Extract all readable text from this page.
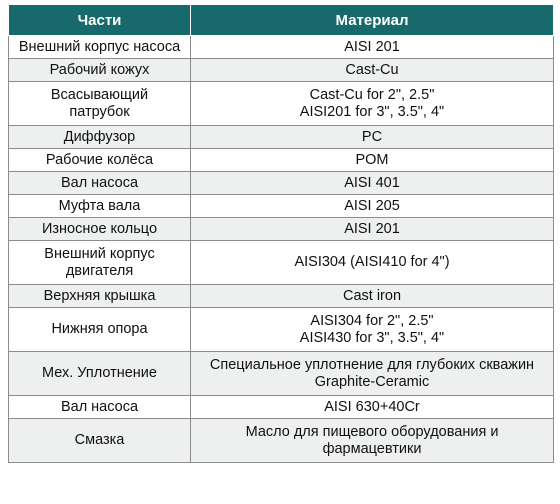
Части	Материал

Внешний корпус насоса	AISI 201

Рабочий кожух	Cast-Cu

Всасывающий
патрубок	Cast-Cu for 2", 2.5"
AISI201 for 3", 3.5", 4"

Диффузор	PC

Рабочие колёса	POM

Вал насоса	AISI 401

Муфта вала	AISI 205

Износное кольцо	AISI 201

Внешний корпус
двигателя	AISI304 (AISI410 for 4")

Верхняя крышка	Cast iron

Нижняя опора	AISI304 for 2", 2.5"
AISI430 for 3", 3.5", 4"

Мех. Уплотнение	Специальное уплотнение для глубоких скважин
Graphite-Ceramic

Вал насоса	AISI 630+40Cr

Смазка	Масло для пищевого оборудования и
фармацевтики
